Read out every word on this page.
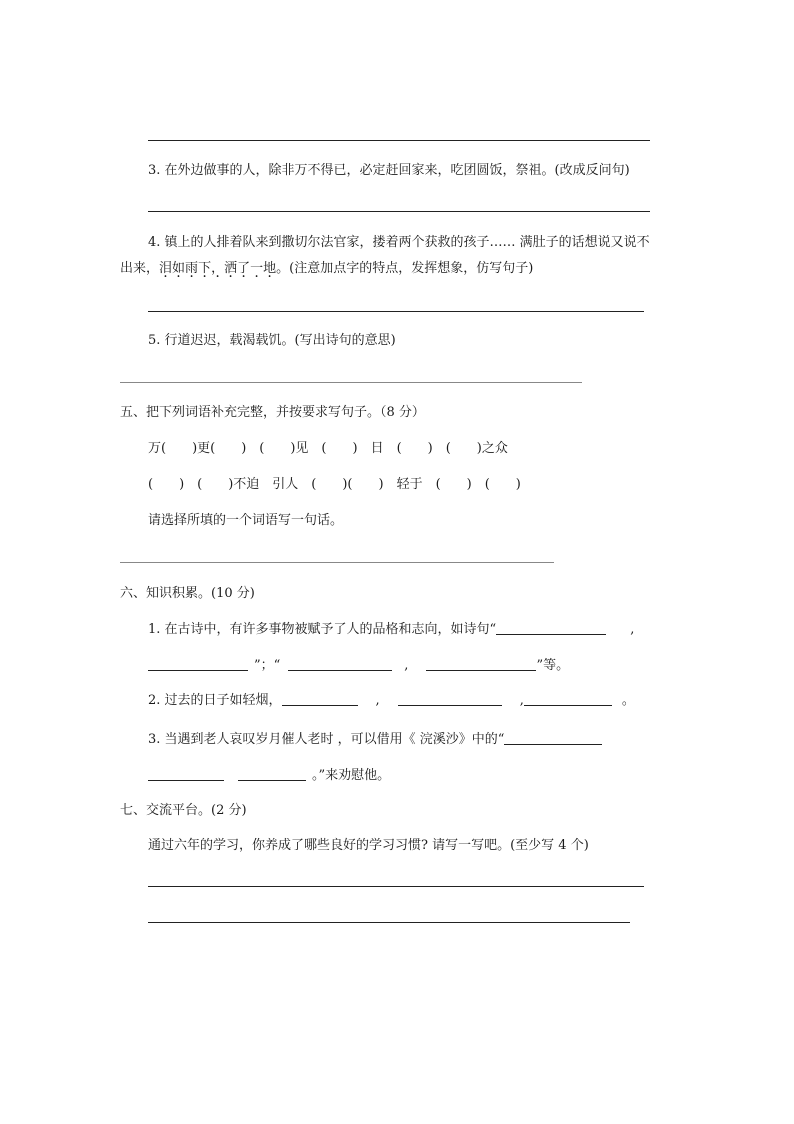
3. 在外边做事的人，除非万不得已，必定赶回家来，吃团圆饭，祭祖。(改成反问句)
4. 镇上的人排着队来到撒切尔法官家，搂着两个获救的孩子…… 满肚子的话想说又说不
出来，泪如雨下， ·洒了一地。(注意加点字的特点，发挥想象，仿写句子)
5. 行道迟迟，载渴载饥。(写出诗句的意思)
五、把下列词语补充完整，并按要求写句子。（8 分）
万(　　)更(　　)　(　　)见　(　　)　日　(　　)　(　　)之众
(　　)　(　　)不迫　引人　(　　)(　　)　轻于　(　　)　(　　)
请选择所填的一个词语写一句话。
六、知识积累。(10 分)
1. 在古诗中，有许多事物被赋予了人的品格和志向，如诗句“	,
”；“	,	”等。
2. 过去的日子如轻烟，	,	,	。
3. 当遇到老人哀叹岁月催人老时 ，可以借用《 浣溪沙》中的“
。”来劝慰他。
七、交流平台。(2 分)
通过六年的学习，你养成了哪些良好的学习习惯? 请写一写吧。(至少写 4 个)
